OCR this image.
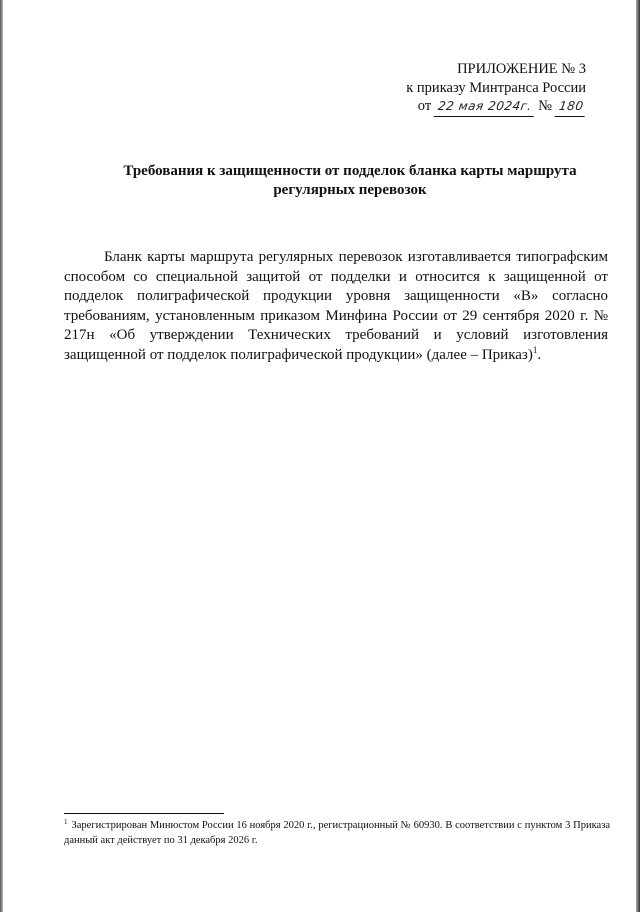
ПРИЛОЖЕНИЕ № 3
к приказу Минтранса России
от 22 мая 2024г. № 180
Требования к защищенности от подделок бланка карты маршрута
регулярных перевозок
Бланк карты маршрута регулярных перевозок изготавливается типографским способом со специальной защитой от подделки и относится к защищенной от подделок полиграфической продукции уровня защищенности «В» согласно требованиям, установленным приказом Минфина России от 29 сентября 2020 г. № 217н «Об утверждении Технических требований и условий изготовления защищенной от подделок полиграфической продукции» (далее – Приказ)$^1$.
$^1$ Зарегистрирован Минюстом России 16 ноября 2020 г., регистрационный № 60930. В соответствии с пунктом 3 Приказа данный акт действует по 31 декабря 2026 г.
